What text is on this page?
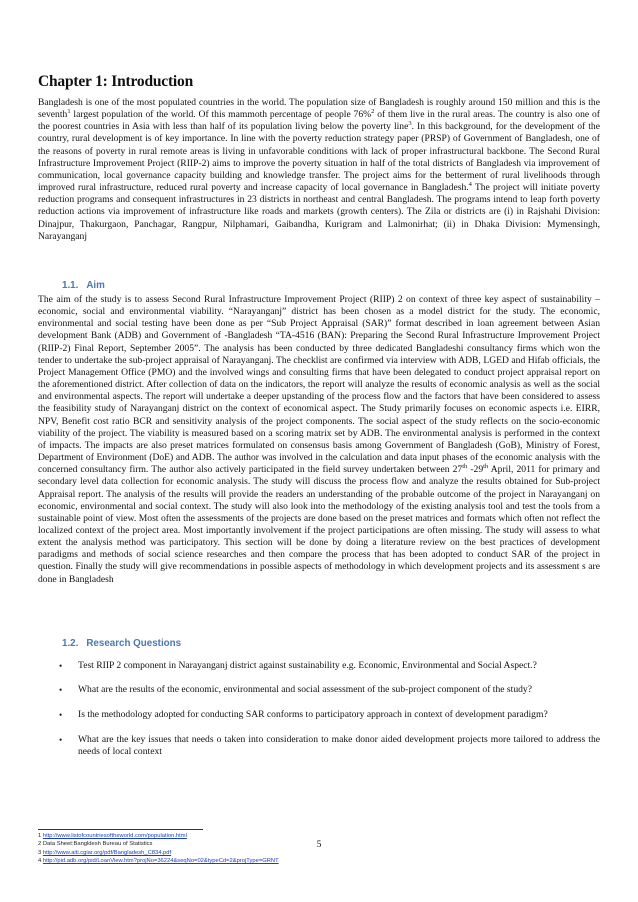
Chapter 1: Introduction

Bangladesh is one of the most populated countries in the world. The population size of Bangladesh is roughly around 150 million and this is the seventh$^1$ largest population of the world. Of this mammoth percentage of people 76%$^2$ of them live in the rural areas. The country is also one of the poorest countries in Asia with less than half of its population living below the poverty line$^3$. In this background, for the development of the country, rural development is of key importance. In line with the poverty reduction strategy paper (PRSP) of Government of Bangladesh, one of the reasons of poverty in rural remote areas is living in unfavorable conditions with lack of proper infrastructural backbone. The Second Rural Infrastructure Improvement Project (RIIP-2) aims to improve the poverty situation in half of the total districts of Bangladesh via improvement of communication, local governance capacity building and knowledge transfer. The project aims for the betterment of rural livelihoods through improved rural infrastructure, reduced rural poverty and increase capacity of local governance in Bangladesh.$^4$ The project will initiate poverty reduction programs and consequent infrastructures in 23 districts in northeast and central Bangladesh. The programs intend to leap forth poverty reduction actions via improvement of infrastructure like roads and markets (growth centers). The Zila or districts are (i) in Rajshahi Division: Dinajpur, Thakurgaon, Panchagar, Rangpur, Nilphamari, Gaibandha, Kurigram and Lalmonirhat; (ii) in Dhaka Division: Mymensingh, Narayanganj

1.1. Aim

The aim of the study is to assess Second Rural Infrastructure Improvement Project (RIIP) 2 on context of three key aspect of sustainability – economic, social and environmental viability. “Narayanganj” district has been chosen as a model district for the study. The economic, environmental and social testing have been done as per “Sub Project Appraisal (SAR)” format described in loan agreement between Asian development Bank (ADB) and Government of -Bangladesh “TA-4516 (BAN): Preparing the Second Rural Infrastructure Improvement Project (RIIP-2) Final Report, September 2005”. The analysis has been conducted by three dedicated Bangladeshi consultancy firms which won the tender to undertake the sub-project appraisal of Narayanganj. The checklist are confirmed via interview with ADB, LGED and Hifab officials, the Project Management Office (PMO) and the involved wings and consulting firms that have been delegated to conduct project appraisal report on the aforementioned district. After collection of data on the indicators, the report will analyze the results of economic analysis as well as the social and environmental aspects. The report will undertake a deeper upstanding of the process flow and the factors that have been considered to assess the feasibility study of Narayanganj district on the context of economical aspect. The Study primarily focuses on economic aspects i.e. EIRR, NPV, Benefit cost ratio BCR and sensitivity analysis of the project components. The social aspect of the study reflects on the socio-economic viability of the project. The viability is measured based on a scoring matrix set by ADB. The environmental analysis is performed in the context of impacts. The impacts are also preset matrices formulated on consensus basis among Government of Bangladesh (GoB), Ministry of Forest, Department of Environment (DoE) and ADB. The author was involved in the calculation and data input phases of the economic analysis with the concerned consultancy firm. The author also actively participated in the field survey undertaken between 27th -29th April, 2011 for primary and secondary level data collection for economic analysis. The study will discuss the process flow and analyze the results obtained for Sub-project Appraisal report. The analysis of the results will provide the readers an understanding of the probable outcome of the project in Narayanganj on economic, environmental and social context. The study will also look into the methodology of the existing analysis tool and test the tools from a sustainable point of view. Most often the assessments of the projects are done based on the preset matrices and formats which often not reflect the localized context of the project area. Most importantly involvement if the project participations are often missing. The study will assess to what extent the analysis method was participatory. This section will be done by doing a literature review on the best practices of development paradigms and methods of social science researches and then compare the process that has been adopted to conduct SAR of the project in question. Finally the study will give recommendations in possible aspects of methodology in which development projects and its assessment s are done in Bangladesh

1.2. Research Questions
• Test RIIP 2 component in Narayanganj district against sustainability e.g. Economic, Environmental and Social Aspect.?
• What are the results of the economic, environmental and social assessment of the sub-project component of the study?
• Is the methodology adopted for conducting SAR conforms to participatory approach in context of development paradigm?
• What are the key issues that needs o taken into consideration to make donor aided development projects more tailored to address the needs of local context
1 http://www.listofcountriesoftheworld.com/population.html
2 Data Sheet:Bangldesh Bureau of Statistics
3 http://www.aiti.cgiar.org/pdf/Bangladesh_C834.pdf
4 http://pid.adb.org/pid/LoanView.htm?projNo=36224&seqNo=02&typeCd=2&projType=GRNT
5
